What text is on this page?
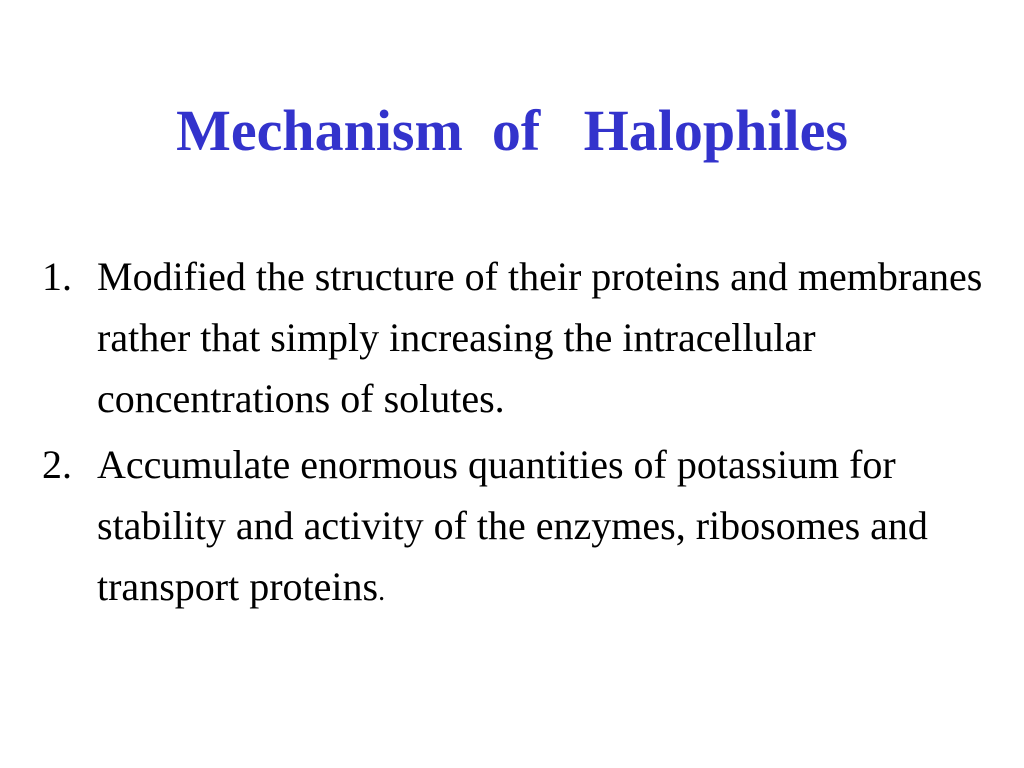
Mechanism  of   Halophiles
1. Modified the structure of their proteins and membranes rather that simply increasing the intracellular concentrations of solutes.
2. Accumulate enormous quantities of potassium for stability and activity of the enzymes, ribosomes and transport proteins.
